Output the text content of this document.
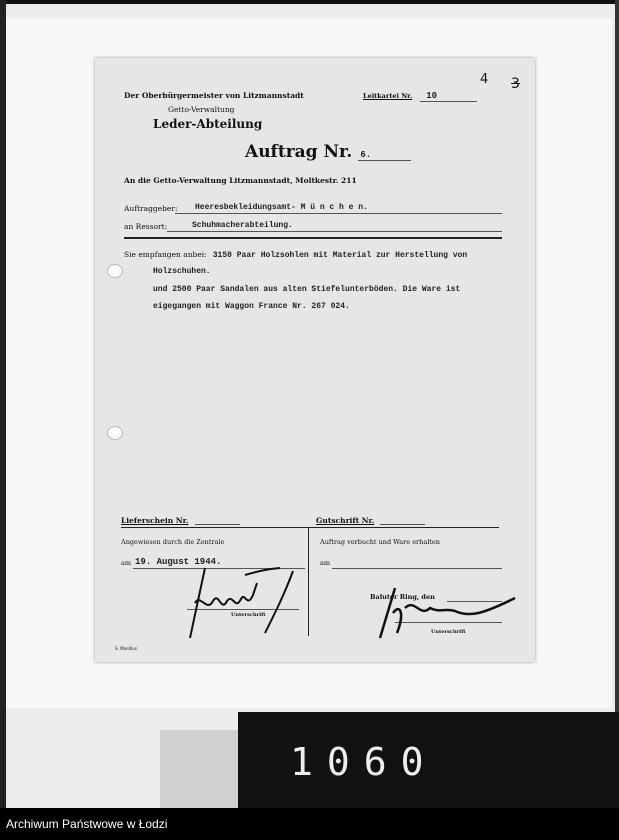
Der Oberbürgermeister von Litzmannstadt
Getto-Verwaltung
Leder-Abteilung
Leitkartei Nr.	10
4 3
Auftrag Nr. 6.
An die Getto-Verwaltung Litzmannstadt, Moltkestr. 211
Auftraggeber: Heeresbekleidungsamt- M ü n c h e n.
an Ressort:	Schuhmacherabteilung.
Sie empfangen anbei: 3150 Paar Holzsohlen mit Material zur Herstellung von
Holzschuhen.
und 2500 Paar Sandalen aus alten Stiefelunterböden. Die Ware ist
eigegangen mit Waggon France Nr. 267 024.
Lieferschein Nr.	Gutschrift Nr.
Angewiesen durch die Zentrale
am 19. August 1944.
Unterschrift
Auftrag verbucht und Ware erhalten
am
Baluter Ring, den
Unterschrift
S. Manitius
1060
Archiwum Państwowe w Łodzi
